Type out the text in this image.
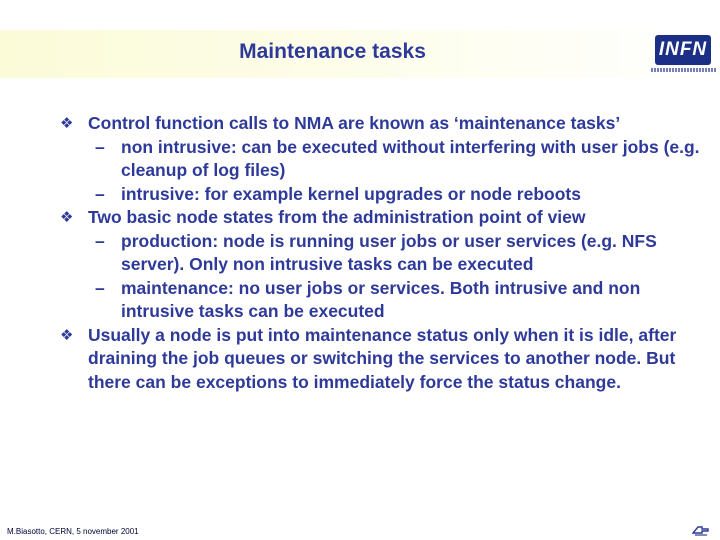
Maintenance tasks	INFN
❖ Control function calls to NMA are known as ‘maintenance tasks’
– non intrusive: can be executed without interfering with user jobs (e.g. cleanup of log files)
– intrusive: for example kernel upgrades or node reboots
❖ Two basic node states from the administration point of view
– production: node is running user jobs or user services (e.g. NFS server). Only non intrusive tasks can be executed
– maintenance: no user jobs or services. Both intrusive and non intrusive tasks can be executed
❖ Usually a node is put into maintenance status only when it is idle, after draining the job queues or switching the services to another node. But there can be exceptions to immediately force the status change.
M.Biasotto, CERN, 5 november 2001
